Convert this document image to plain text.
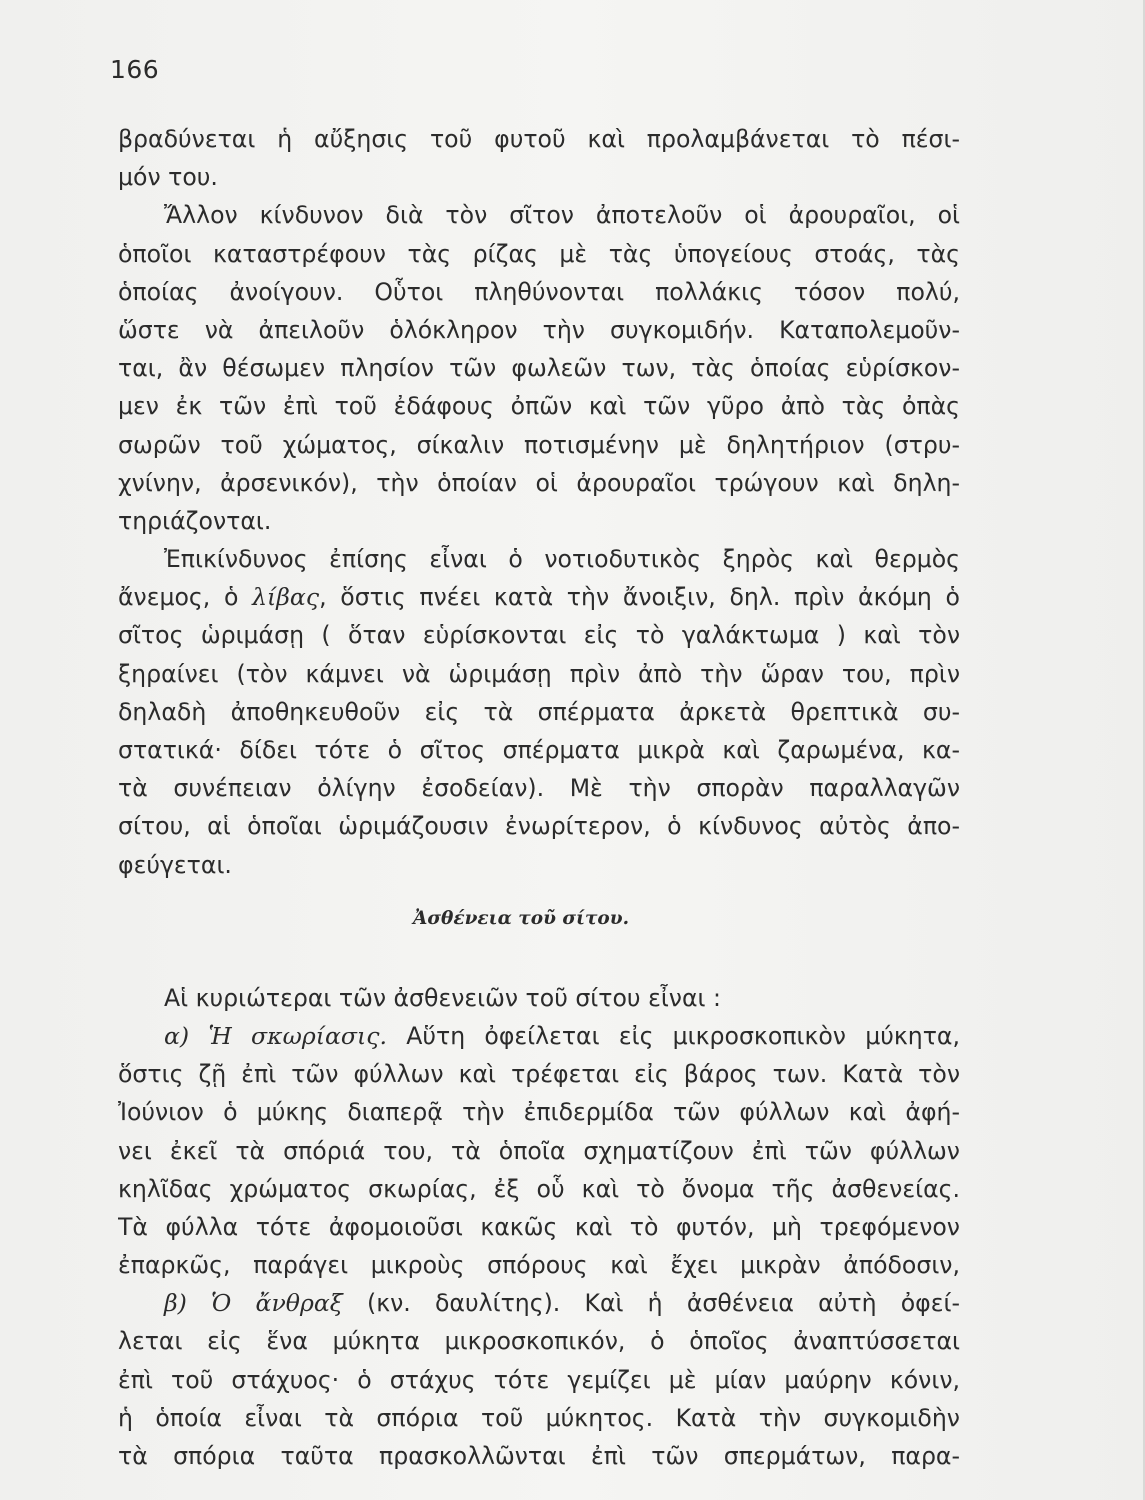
166
βραδύνεται ἡ αὔξησις τοῦ φυτοῦ καὶ προλαμβάνεται τὸ πέσι-
μόν του.
Ἄλλον κίνδυνον διὰ τὸν σῖτον ἀποτελοῦν οἱ ἀρουραῖοι, οἱ
ὁποῖοι καταστρέφουν τὰς ρίζας μὲ τὰς ὑπογείους στοάς, τὰς
ὁποίας ἀνοίγουν. Οὗτοι πληθύνονται πολλάκις τόσον πολύ,
ὥστε νὰ ἀπειλοῦν ὁλόκληρον τὴν συγκομιδήν. Καταπολεμοῦν-
ται, ἂν θέσωμεν πλησίον τῶν φωλεῶν των, τὰς ὁποίας εὑρίσκον-
μεν ἐκ τῶν ἐπὶ τοῦ ἐδάφους ὀπῶν καὶ τῶν γῦρο ἀπὸ τὰς ὀπὰς
σωρῶν τοῦ χώματος, σίκαλιν ποτισμένην μὲ δηλητήριον (στρυ-
χνίνην, ἀρσενικόν), τὴν ὁποίαν οἱ ἀρουραῖοι τρώγουν καὶ δηλη-
τηριάζονται.
Ἐπικίνδυνος ἐπίσης εἶναι ὁ νοτιοδυτικὸς ξηρὸς καὶ θερμὸς
ἄνεμος, ὁ λίβας, ὅστις πνέει κατὰ τὴν ἄνοιξιν, δηλ. πρὶν ἀκόμη ὁ
σῖτος ὡριμάσῃ ( ὅταν εὑρίσκονται εἰς τὸ γαλάκτωμα ) καὶ τὸν
ξηραίνει (τὸν κάμνει νὰ ὡριμάσῃ πρὶν ἀπὸ τὴν ὥραν του, πρὶν
δηλαδὴ ἀποθηκευθοῦν εἰς τὰ σπέρματα ἀρκετὰ θρεπτικὰ συ-
στατικά· δίδει τότε ὁ σῖτος σπέρματα μικρὰ καὶ ζαρωμένα, κα-
τὰ συνέπειαν ὀλίγην ἐσοδείαν). Μὲ τὴν σπορὰν παραλλαγῶν
σίτου, αἱ ὁποῖαι ὡριμάζουσιν ἐνωρίτερον, ὁ κίνδυνος αὐτὸς ἀπο-
φεύγεται.
Ἀσθένεια τοῦ σίτου.
Αἱ κυριώτεραι τῶν ἀσθενειῶν τοῦ σίτου εἶναι :
α) Ἡ σκωρίασις. Αὕτη ὀφείλεται εἰς μικροσκοπικὸν μύκητα,
ὅστις ζῇ ἐπὶ τῶν φύλλων καὶ τρέφεται εἰς βάρος των. Κατὰ τὸν
Ἰούνιον ὁ μύκης διαπερᾷ τὴν ἐπιδερμίδα τῶν φύλλων καὶ ἀφή-
νει ἐκεῖ τὰ σπόριά του, τὰ ὁποῖα σχηματίζουν ἐπὶ τῶν φύλλων
κηλῖδας χρώματος σκωρίας, ἐξ οὗ καὶ τὸ ὄνομα τῆς ἀσθενείας.
Τὰ φύλλα τότε ἀφομοιοῦσι κακῶς καὶ τὸ φυτόν, μὴ τρεφόμενον
ἐπαρκῶς, παράγει μικροὺς σπόρους καὶ ἔχει μικρὰν ἀπόδοσιν,
β) Ὁ ἄνθραξ (κν. δαυλίτης). Καὶ ἡ ἀσθένεια αὐτὴ ὀφεί-
λεται εἰς ἕνα μύκητα μικροσκοπικόν, ὁ ὁποῖος ἀναπτύσσεται
ἐπὶ τοῦ στάχυος· ὁ στάχυς τότε γεμίζει μὲ μίαν μαύρην κόνιν,
ἡ ὁποία εἶναι τὰ σπόρια τοῦ μύκητος. Κατὰ τὴν συγκομιδὴν
τὰ σπόρια ταῦτα πρασκολλῶνται ἐπὶ τῶν σπερμάτων, παρα-
